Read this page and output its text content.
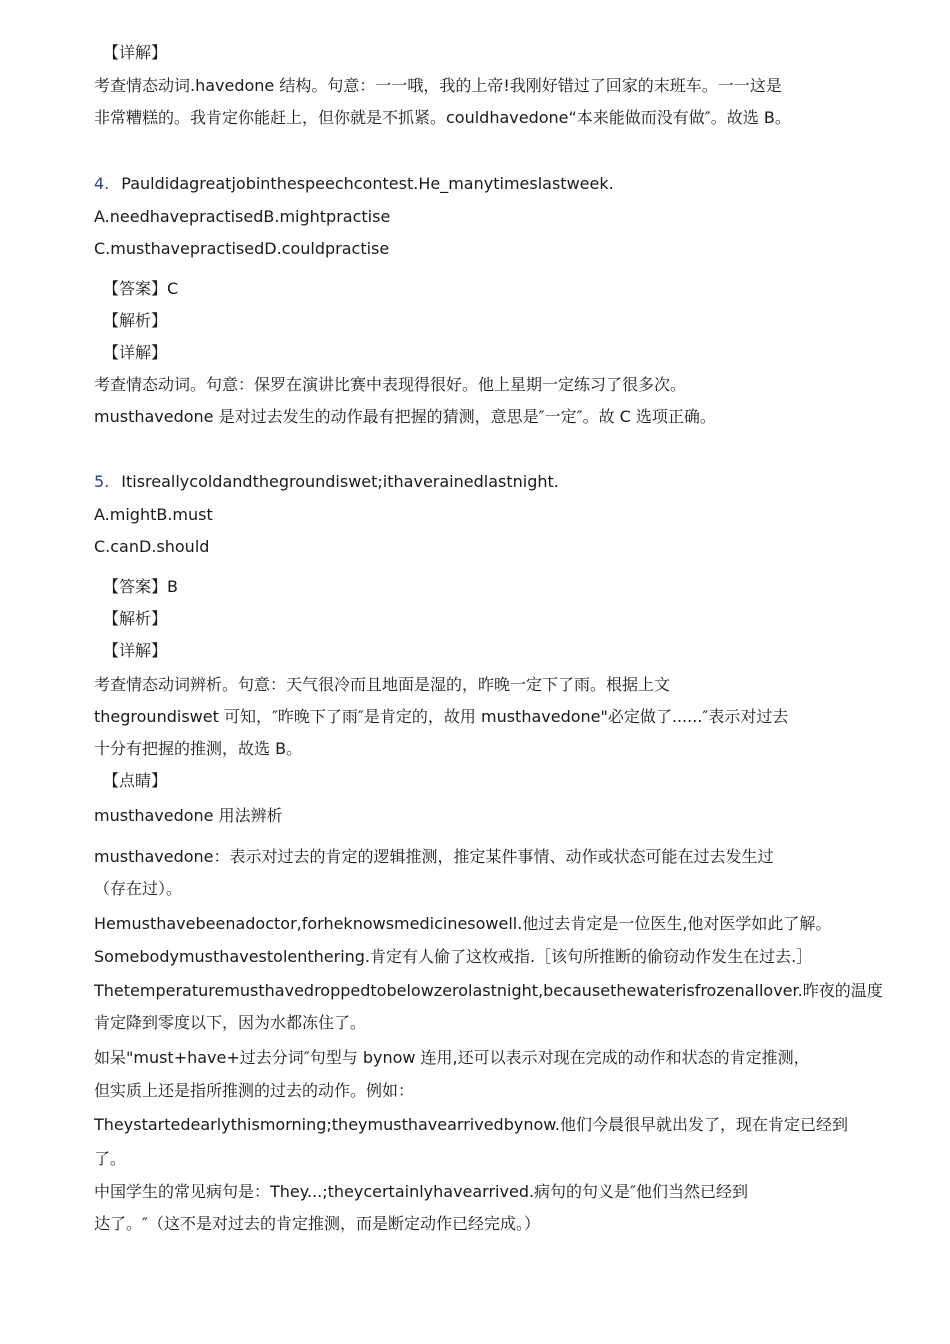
【详解】
考查情态动词.havedone 结构。句意：一一哦，我的上帝!我刚好错过了回家的末班车。一一这是
非常糟糕的。我肯定你能赶上，但你就是不抓紧。couldhavedone“本来能做而没有做″。故选 B。
4. Pauldidagreatjobinthespeechcontest.He_manytimeslastweek.
A.needhavepractisedB.mightpractise
C.musthavepractisedD.couldpractise
【答案】C
【解析】
【详解】
考查情态动词。句意：保罗在演讲比赛中表现得很好。他上星期一定练习了很多次。
musthavedone 是对过去发生的动作最有把握的猜测，意思是″一定″。故 C 选项正确。
5. Itisreallycoldandthegroundiswet;ithaverainedlastnight.
A.mightB.must
C.canD.should
【答案】B
【解析】
【详解】
考查情态动词辨析。句意：天气很冷而且地面是湿的，昨晚一定下了雨。根据上文
thegroundiswet 可知，″昨晚下了雨″是肯定的，故用 musthavedone"必定做了......″表示对过去
十分有把握的推测，故选 B。
【点睛】
musthavedone 用法辨析
musthavedone：表示对过去的肯定的逻辑推测，推定某件事情、动作或状态可能在过去发生过
（存在过）。
Hemusthavebeenadoctor,forheknowsmedicinesowell.他过去肯定是一位医生,他对医学如此了解。
Somebodymusthavestolenthering.肯定有人偷了这枚戒指.［该句所推断的偷窃动作发生在过去.］
Thetemperaturemusthavedroppedtobelowzerolastnight,becausethewaterisfrozenallover.昨夜的温度
肯定降到零度以下，因为水都冻住了。
如呆"must+have+过去分词″句型与 bynow 连用,还可以表示对现在完成的动作和状态的肯定推测，
但实质上还是指所推测的过去的动作。例如：
Theystartedearlythismorning;theymusthavearrivedbynow.他们今晨很早就出发了，现在肯定已经到
了。
中国学生的常见病句是：They...;theycertainlyhavearrived.病句的句义是″他们当然已经到
达了。″（这不是对过去的肯定推测，而是断定动作已经完成。）
